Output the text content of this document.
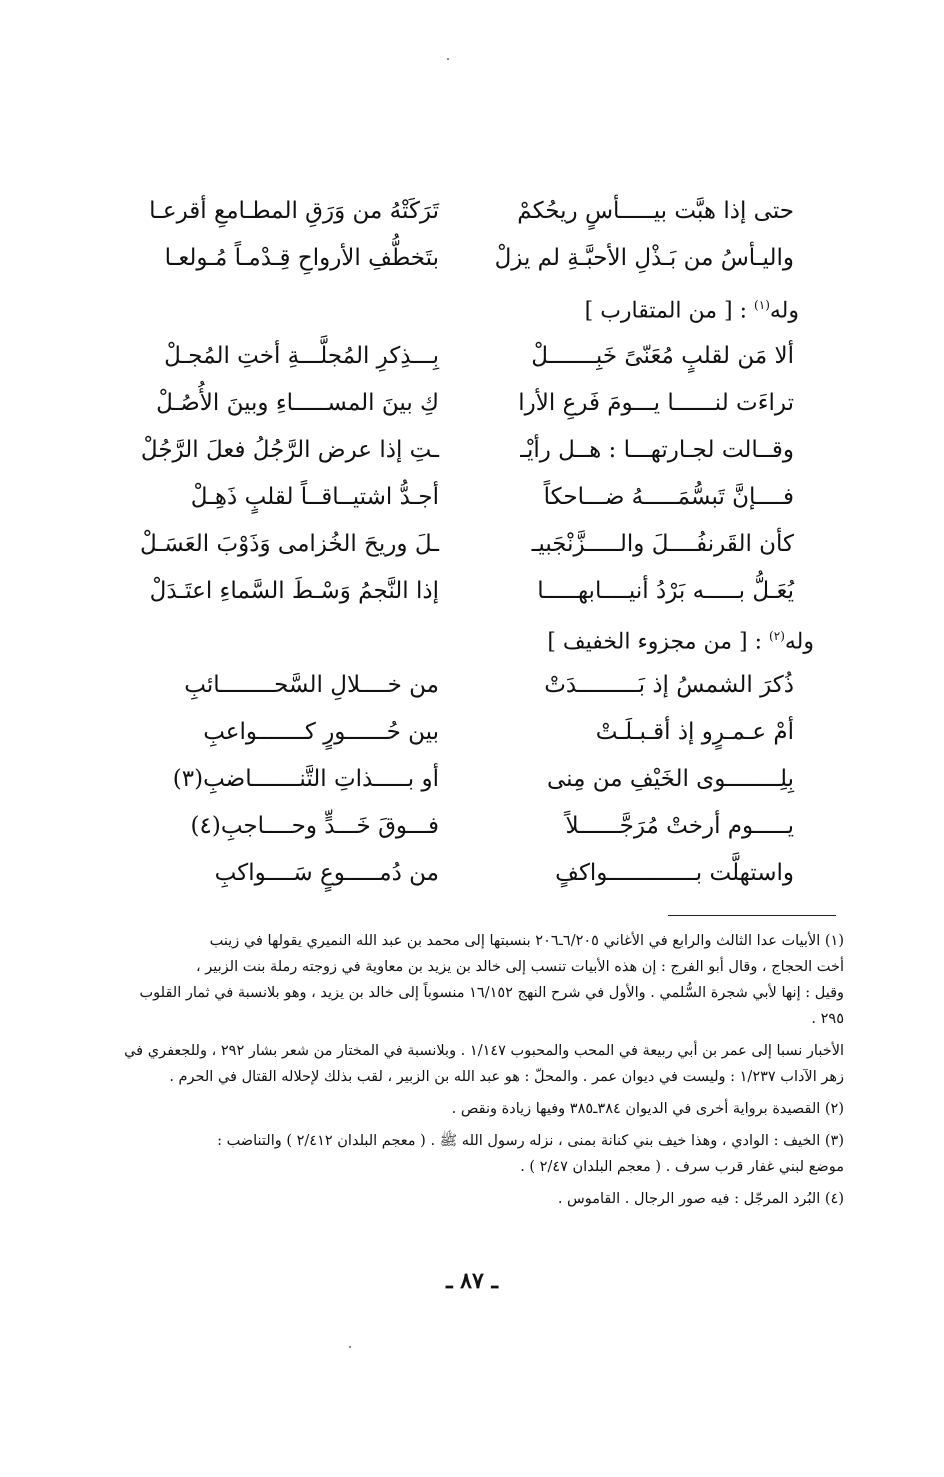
حتى إذا هبَّت بيـــــأسٍ ريحُكمْ
تَرَكَتْهُ من وَرَقِ المطـامعِ أقرعـا
واليـأسُ من بَـذْلِ الأحبَّـةِ لم يزلْ
بتَخطُّفِ الأرواحِ قِـدْمـاً مُـولعـا
وله$^{(١)}$ : [ من المتقارب ]
ألا مَن لقلبٍ مُعَنّىً خَبِـــــــلْ
بِـــذِكرِ المُجلَّـــةِ أختِ المُجـلْ
تراءَت لنــــــا يـــومَ فَرعِ الأرا
كِ بينَ المســـــاءِ وبينَ الأُصُـلْ
وقــالت لجـارتهـــا : هــل رأيْـ
ـتِ إذا عرض الرَّجُلُ فعلَ الرَّجُلْ
فــــإنَّ تَبسُّمَـــــهُ ضـــاحكاً
أجـدُّ اشتيــاقــاً لقلبٍ ذَهِـلْ
كأن القَرنفُــــلَ والـــــزَّنْجَبيـ
ـلَ وريحَ الخُزامى وَذَوْبَ العَسَـلْ
يُعَـلُّ بـــــه بَرْدُ أنيــــابهـــــا
إذا النَّجمُ وَسْـطَ السَّماءِ اعتَـدَلْ
وله$^{(٢)}$ : [ من مجزوء الخفيف ]
ذُكرَ الشمسُ إذ بَـــــــــدَتْ
من خــــلالِ السَّحــــــــائبِ
أمْ عـمـرٍو إذ أقـبـلَـتْ
بين حُــــــورٍ كـــــــواعبِ
بِلِــــــــوى الخَيْفِ من مِنى
أو بـــــذاتِ التَّنـــــــاضبِ(٣)
يـــــوم أرختْ مُرَجَّــــــلاً
فـــوقَ خَـــدٍّ وحــــاجبِ(٤)
واستهلَّت بـــــــــــــواكفٍ
من دُمـــــوعٍ سَــــواكبِ
(١) الأبيات عدا الثالث والرابع في الأغاني ٦/٢٠٥ـ٢٠٦ بنسبتها إلى محمد بن عبد الله النميري يقولها في زينب
أخت الحجاج ، وقال أبو الفرج : إن هذه الأبيات تنسب إلى خالد بن يزيد بن معاوية في زوجته رملة بنت الزبير ،
وقيل : إنها لأبي شجرة السُّلمي . والأول في شرح النهج ١٦/١٥٢ منسوباً إلى خالد بن يزيد ، وهو بلانسبة في ثمار القلوب
٢٩٥ .
الأخبار نسبا إلى عمر بن أبي ربيعة في المحب والمحبوب ١/١٤٧ . وبلانسبة في المختار من شعر بشار ٢٩٢ ، وللجعفري في
زهر الآداب ١/٢٣٧ : وليست في ديوان عمر . والمحلّ : هو عبد الله بن الزبير ، لقب بذلك لإحلاله القتال في الحرم .
(٢) القصيدة برواية أخرى في الديوان ٣٨٤ـ٣٨٥ وفيها زيادة ونقص .
(٣) الخيف : الوادي ، وهذا خيف بني كنانة بمنى ، نزله رسول الله ﷺ . ( معجم البلدان ٢/٤١٢ ) والتناضب :
موضع لبني غفار قرب سرف . ( معجم البلدان ٢/٤٧ ) .
(٤) البُرد المرجّل : فيه صور الرجال . القاموس .
ـ ٨٧ ـ
